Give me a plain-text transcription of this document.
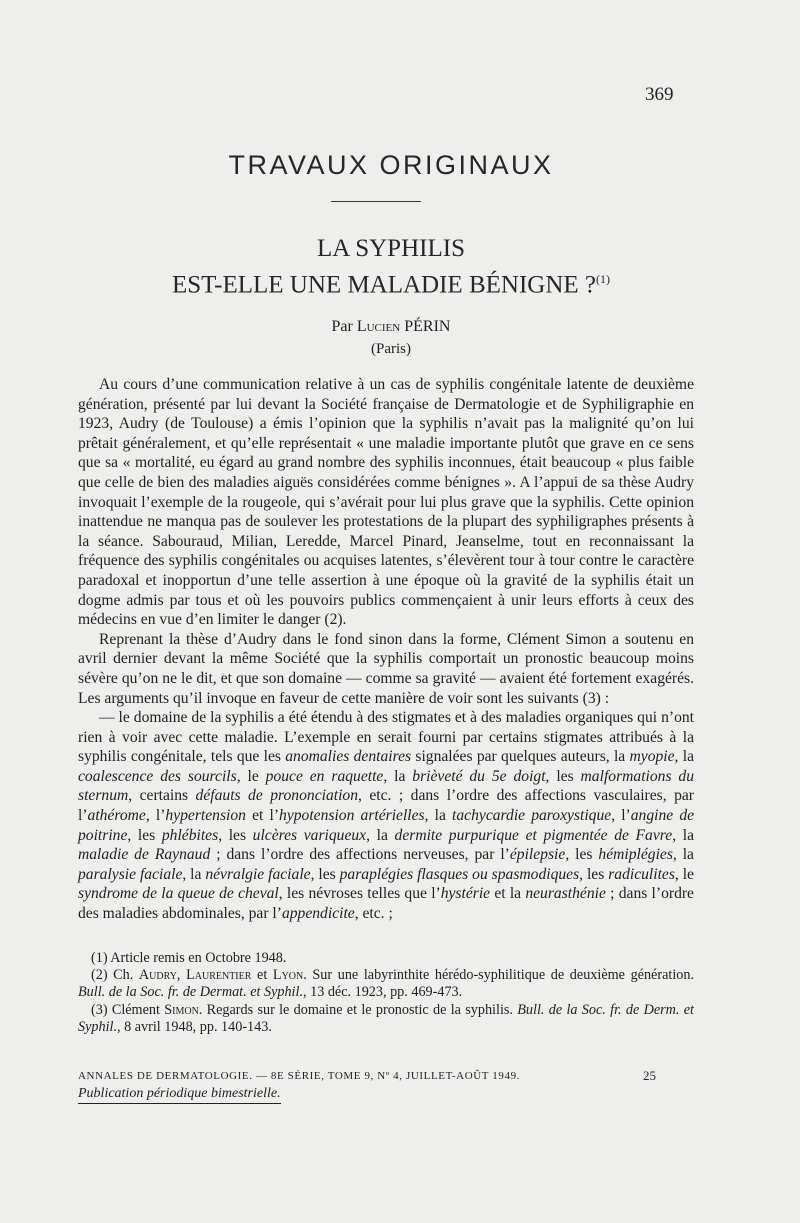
369
TRAVAUX ORIGINAUX
LA SYPHILIS
EST-ELLE UNE MALADIE BÉNIGNE ?$^{(1)}$
Par Lucien PÉRIN
(Paris)

Au cours d’une communication relative à un cas de syphilis congénitale latente de deuxième génération, présenté par lui devant la Société française de Dermatologie et de Syphiligraphie en 1923, Audry (de Toulouse) a émis l’opinion que la syphilis n’avait pas la malignité qu’on lui prêtait généralement, et qu’elle représentait « une maladie importante plutôt que grave en ce sens que sa « mortalité, eu égard au grand nombre des syphilis inconnues, était beaucoup « plus faible que celle de bien des maladies aiguës considérées comme bénignes ». A l’appui de sa thèse Audry invoquait l’exemple de la rougeole, qui s’avérait pour lui plus grave que la syphilis. Cette opinion inattendue ne manqua pas de soulever les protestations de la plupart des syphiligraphes présents à la séance. Sabouraud, Milian, Leredde, Marcel Pinard, Jeanselme, tout en reconnaissant la fréquence des syphilis congénitales ou acquises latentes, s’élevèrent tour à tour contre le caractère paradoxal et inopportun d’une telle assertion à une époque où la gravité de la syphilis était un dogme admis par tous et où les pouvoirs publics commençaient à unir leurs efforts à ceux des médecins en vue d’en limiter le danger (2).

Reprenant la thèse d’Audry dans le fond sinon dans la forme, Clément Simon a soutenu en avril dernier devant la même Société que la syphilis comportait un pronostic beaucoup moins sévère qu’on ne le dit, et que son domaine — comme sa gravité — avaient été fortement exagérés. Les arguments qu’il invoque en faveur de cette manière de voir sont les suivants (3) :

— le domaine de la syphilis a été étendu à des stigmates et à des maladies organiques qui n’ont rien à voir avec cette maladie. L’exemple en serait fourni par certains stigmates attribués à la syphilis congénitale, tels que les anomalies dentaires signalées par quelques auteurs, la myopie, la coalescence des sourcils, le pouce en raquette, la brièveté du 5e doigt, les malformations du sternum, certains défauts de prononciation, etc. ; dans l’ordre des affections vasculaires, par l’athérome, l’hypertension et l’hypotension artérielles, la tachycardie paroxystique, l’angine de poitrine, les phlébites, les ulcères variqueux, la dermite purpurique et pigmentée de Favre, la maladie de Raynaud ; dans l’ordre des affections nerveuses, par l’épilepsie, les hémiplégies, la paralysie faciale, la névralgie faciale, les paraplégies flasques ou spasmodiques, les radiculites, le syndrome de la queue de cheval, les névroses telles que l’hystérie et la neurasthénie ; dans l’ordre des maladies abdominales, par l’appendicite, etc. ;

(1) Article remis en Octobre 1948.

(2) Ch. Audry, Laurentier et Lyon. Sur une labyrinthite hérédo-syphilitique de deuxième génération. Bull. de la Soc. fr. de Dermat. et Syphil., 13 déc. 1923, pp. 469-473.

(3) Clément Simon. Regards sur le domaine et le pronostic de la syphilis. Bull. de la Soc. fr. de Derm. et Syphil., 8 avril 1948, pp. 140-143.

ANNALES DE DERMATOLOGIE. — 8E SÉRIE, TOME 9, Nº 4, JUILLET-AOÛT 1949.	25
Publication périodique bimestrielle.
